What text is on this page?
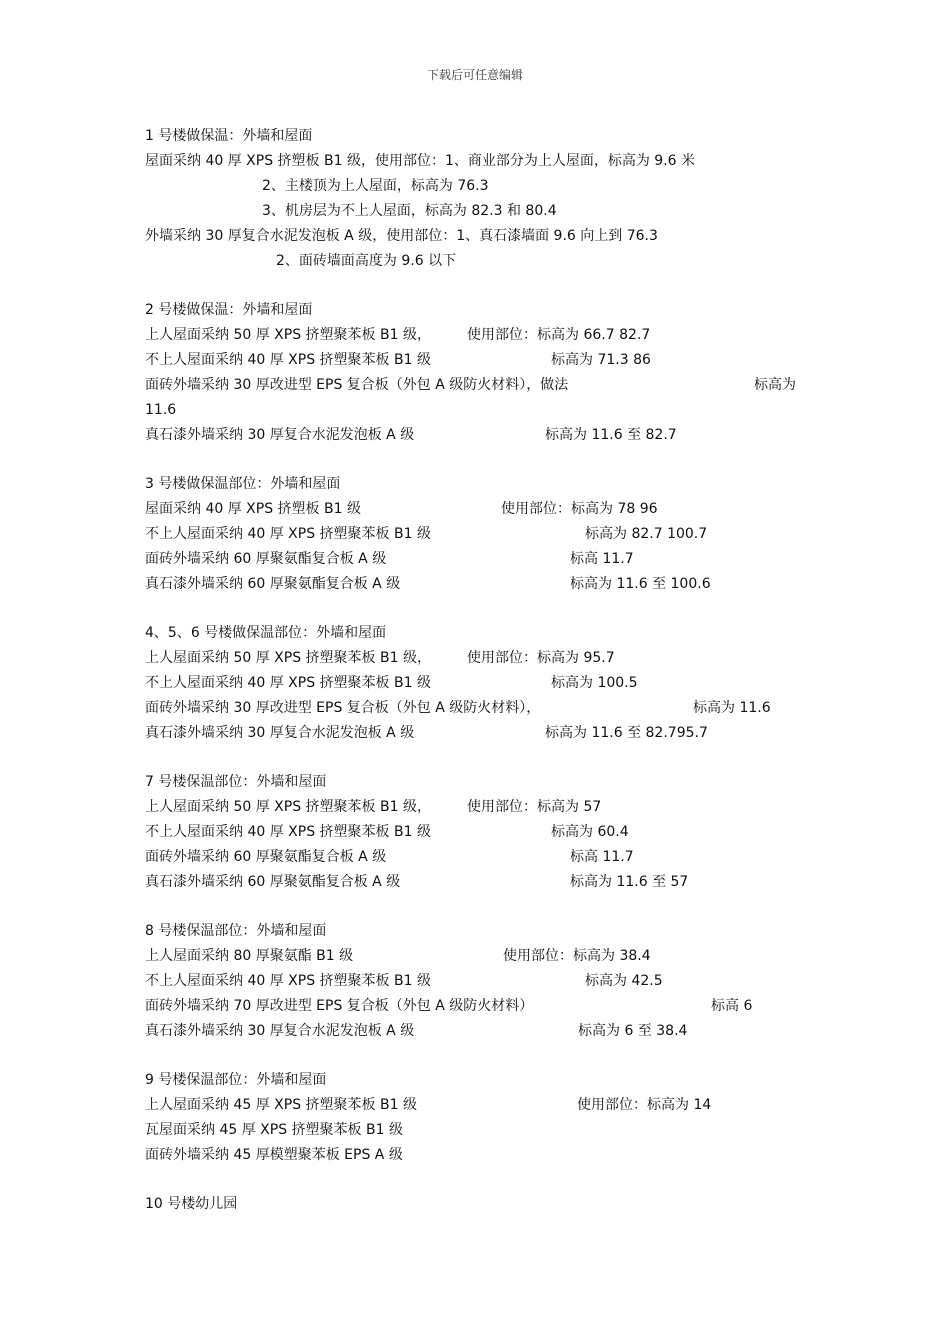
下载后可任意编辑
1 号楼做保温：外墙和屋面
屋面采纳 40 厚 XPS 挤塑板 B1 级，使用部位：1、商业部分为上人屋面，标高为 9.6 米
2、主楼顶为上人屋面，标高为 76.3
3、机房层为不上人屋面，标高为 82.3 和 80.4
外墙采纳 30 厚复合水泥发泡板 A 级，使用部位：1、真石漆墙面 9.6 向上到 76.3
2、面砖墙面高度为 9.6 以下
2 号楼做保温：外墙和屋面
上人屋面采纳 50 厚 XPS 挤塑聚苯板 B1 级，	使用部位：标高为 66.7 82.7
不上人屋面采纳 40 厚 XPS 挤塑聚苯板 B1 级	标高为 71.3 86
面砖外墙采纳 30 厚改进型 EPS 复合板（外包 A 级防火材料），做法	标高为
11.6
真石漆外墙采纳 30 厚复合水泥发泡板 A 级	标高为 11.6 至 82.7
3 号楼做保温部位：外墙和屋面
屋面采纳 40 厚 XPS 挤塑板 B1 级	使用部位：标高为 78 96
不上人屋面采纳 40 厚 XPS 挤塑聚苯板 B1 级	标高为 82.7 100.7
面砖外墙采纳 60 厚聚氨酯复合板 A 级	标高 11.7
真石漆外墙采纳 60 厚聚氨酯复合板 A 级	标高为 11.6 至 100.6
4、5、6 号楼做保温部位：外墙和屋面
上人屋面采纳 50 厚 XPS 挤塑聚苯板 B1 级，	使用部位：标高为 95.7
不上人屋面采纳 40 厚 XPS 挤塑聚苯板 B1 级	标高为 100.5
面砖外墙采纳 30 厚改进型 EPS 复合板（外包 A 级防火材料），	标高为 11.6
真石漆外墙采纳 30 厚复合水泥发泡板 A 级	标高为 11.6 至 82.795.7
7 号楼保温部位：外墙和屋面
上人屋面采纳 50 厚 XPS 挤塑聚苯板 B1 级，	使用部位：标高为 57
不上人屋面采纳 40 厚 XPS 挤塑聚苯板 B1 级	标高为 60.4
面砖外墙采纳 60 厚聚氨酯复合板 A 级	标高 11.7
真石漆外墙采纳 60 厚聚氨酯复合板 A 级	标高为 11.6 至 57
8 号楼保温部位：外墙和屋面
上人屋面采纳 80 厚聚氨酯 B1 级	使用部位：标高为 38.4
不上人屋面采纳 40 厚 XPS 挤塑聚苯板 B1 级	标高为 42.5
面砖外墙采纳 70 厚改进型 EPS 复合板（外包 A 级防火材料）	标高 6
真石漆外墙采纳 30 厚复合水泥发泡板 A 级	标高为 6 至 38.4
9 号楼保温部位：外墙和屋面
上人屋面采纳 45 厚 XPS 挤塑聚苯板 B1 级	使用部位：标高为 14
瓦屋面采纳 45 厚 XPS 挤塑聚苯板 B1 级
面砖外墙采纳 45 厚模塑聚苯板 EPS A 级
10 号楼幼儿园
